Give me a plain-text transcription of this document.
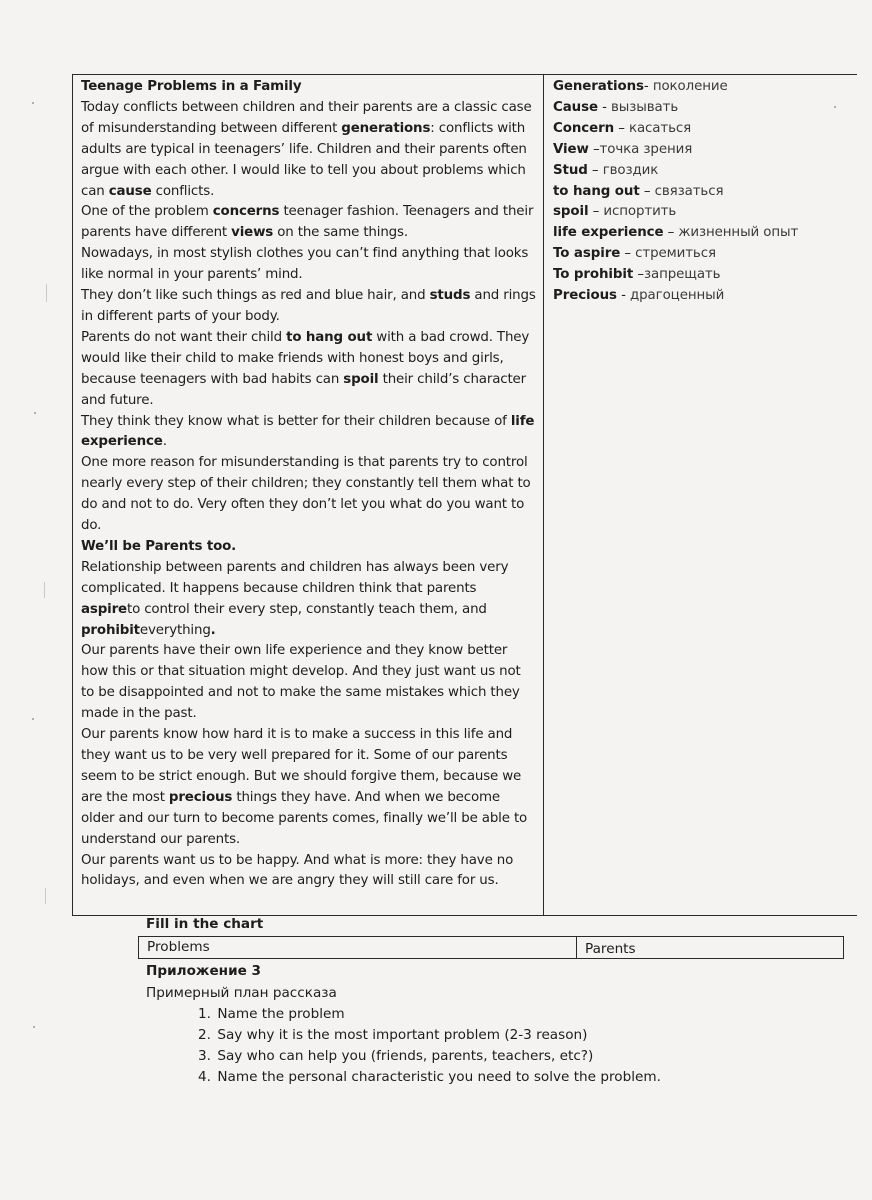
Teenage Problems in a Family

Today conflicts between children and their parents are a classic case of misunderstanding between different generations: conflicts with adults are typical in teenagers’ life. Children and their parents often argue with each other. I would like to tell you about problems which can cause conflicts.

One of the problem concerns teenager fashion. Teenagers and their parents have different views on the same things.

Nowadays, in most stylish clothes you can’t find anything that looks like normal in your parents’ mind.

They don’t like such things as red and blue hair, and studs and rings in different parts of your body.

Parents do not want their child to hang out with a bad crowd. They would like their child to make friends with honest boys and girls, because teenagers with bad habits can spoil their child’s character and future.

They think they know what is better for their children because of life experience.

One more reason for misunderstanding is that parents try to control nearly every step of their children; they constantly tell them what to do and not to do. Very often they don’t let you what do you want to do.

We’ll be Parents too.

Relationship between parents and children has always been very complicated. It happens because children think that parents aspireto control their every step, constantly teach them, and prohibiteverything.

Our parents have their own life experience and they know better how this or that situation might develop. And they just want us not to be disappointed and not to make the same mistakes which they made in the past.

Our parents know how hard it is to make a success in this life and they want us to be very well prepared for it. Some of our parents seem to be strict enough. But we should forgive them, because we are the most precious things they have. And when we become older and our turn to become parents comes, finally we’ll be able to understand our parents.

Our parents want us to be happy. And what is more: they have no holidays, and even when we are angry they will still care for us.

Generations- поколение

Cause - вызывать

Concern – касаться

View –точка зрения

Stud – гвоздик

to hang out – связаться

spoil – испортить

life experience – жизненный опыт

To aspire – стремиться

To prohibit –запрещать

Precious - драгоценный

Fill in the chart
Problems	Parents
Приложение 3
Примерный план рассказа
1. Name the problem
2. Say why it is the most important problem (2-3 reason)
3. Say who can help you (friends, parents, teachers, etc?)
4. Name the personal characteristic you need to solve the problem.
